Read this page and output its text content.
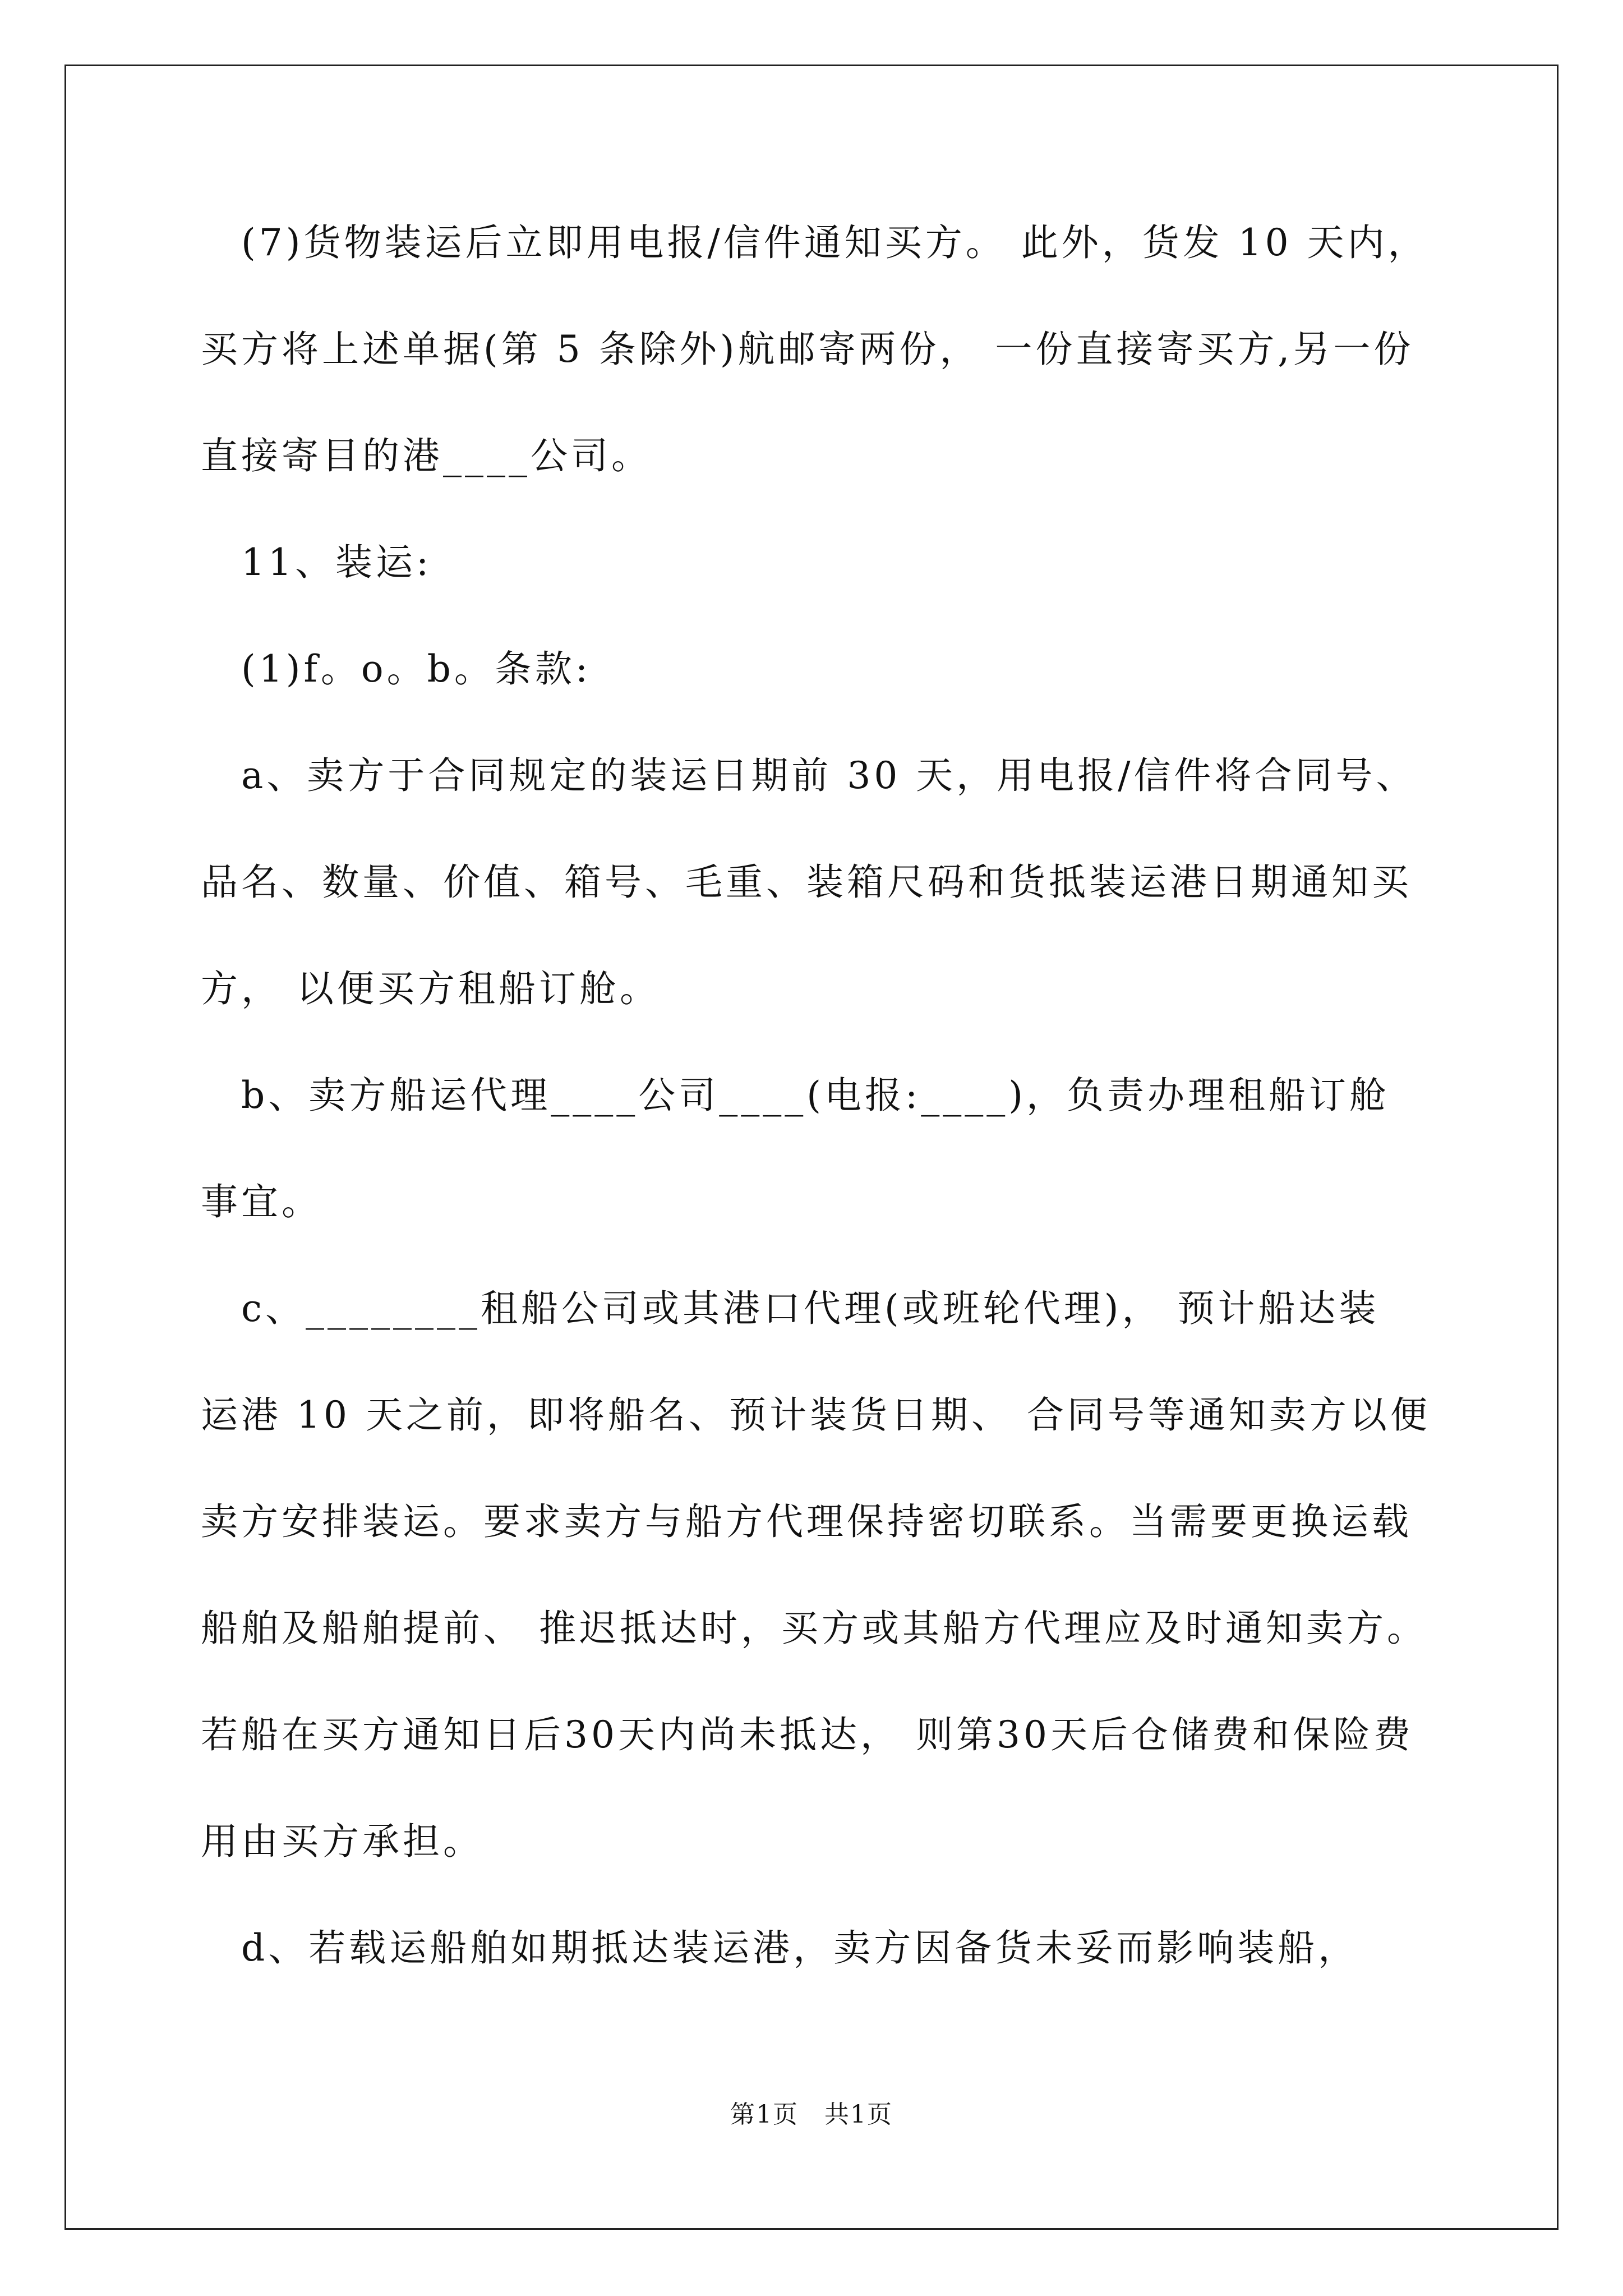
　(7)货物装运后立即用电报/信件通知买方。 此外，货发 10 天内，
买方将上述单据(第 5 条除外)航邮寄两份， 一份直接寄买方,另一份
直接寄目的港____公司。
　11、装运:
　(1)f。o。b。条款:
　a、卖方于合同规定的装运日期前 30 天，用电报/信件将合同号、
品名、数量、价值、箱号、毛重、装箱尺码和货抵装运港日期通知买
方， 以便买方租船订舱。
　b、卖方船运代理____公司____(电报:____)，负责办理租船订舱
事宜。
　c、________租船公司或其港口代理(或班轮代理)， 预计船达装
运港 10 天之前，即将船名、预计装货日期、 合同号等通知卖方以便
卖方安排装运。要求卖方与船方代理保持密切联系。当需要更换运载
船舶及船舶提前、 推迟抵达时，买方或其船方代理应及时通知卖方。
若船在买方通知日后30天内尚未抵达， 则第30天后仓储费和保险费
用由买方承担。
　d、若载运船舶如期抵达装运港，卖方因备货未妥而影响装船，
第1页　共1页
